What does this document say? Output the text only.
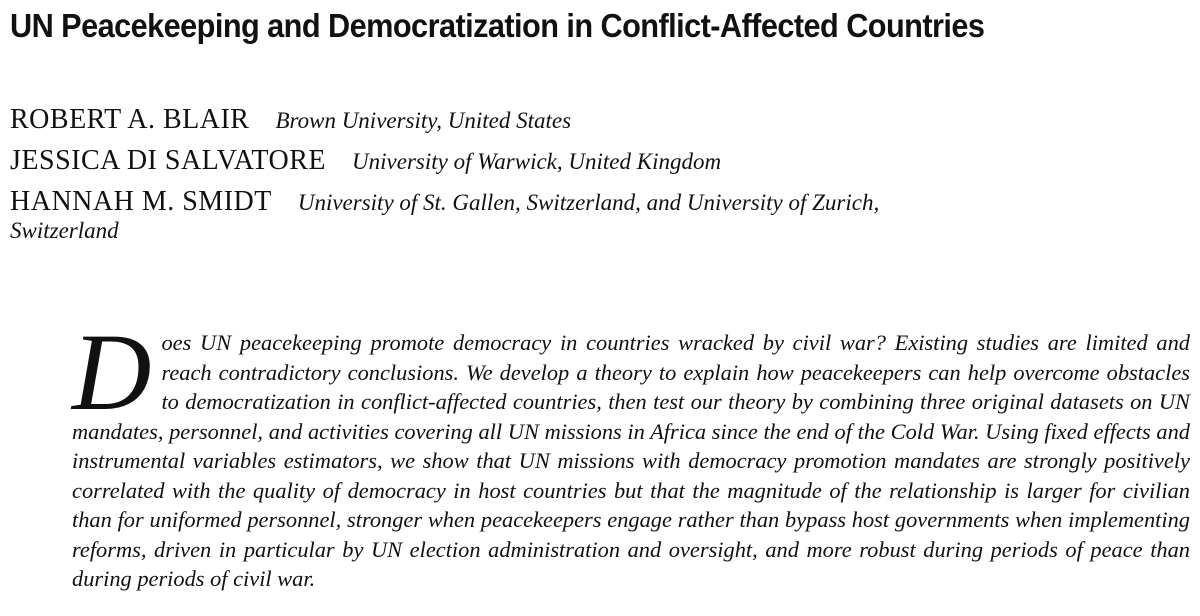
UN Peacekeeping and Democratization in Conflict-Affected Countries
ROBERT A. BLAIR Brown University, United States
JESSICA DI SALVATORE University of Warwick, United Kingdom
HANNAH M. SMIDT University of St. Gallen, Switzerland, and University of Zurich,
Switzerland

Does UN peacekeeping promote democracy in countries wracked by civil war? Existing studies are limited and reach contradictory conclusions. We develop a theory to explain how peacekeepers can help overcome obstacles to democratization in conflict-affected countries, then test our theory by combining three original datasets on UN mandates, personnel, and activities covering all UN missions in Africa since the end of the Cold War. Using fixed effects and instrumental variables estimators, we show that UN missions with democracy promotion mandates are strongly positively correlated with the quality of democracy in host countries but that the magnitude of the relationship is larger for civilian than for uniformed personnel, stronger when peacekeepers engage rather than bypass host governments when implementing reforms, driven in particular by UN election administration and oversight, and more robust during periods of peace than during periods of civil war.
